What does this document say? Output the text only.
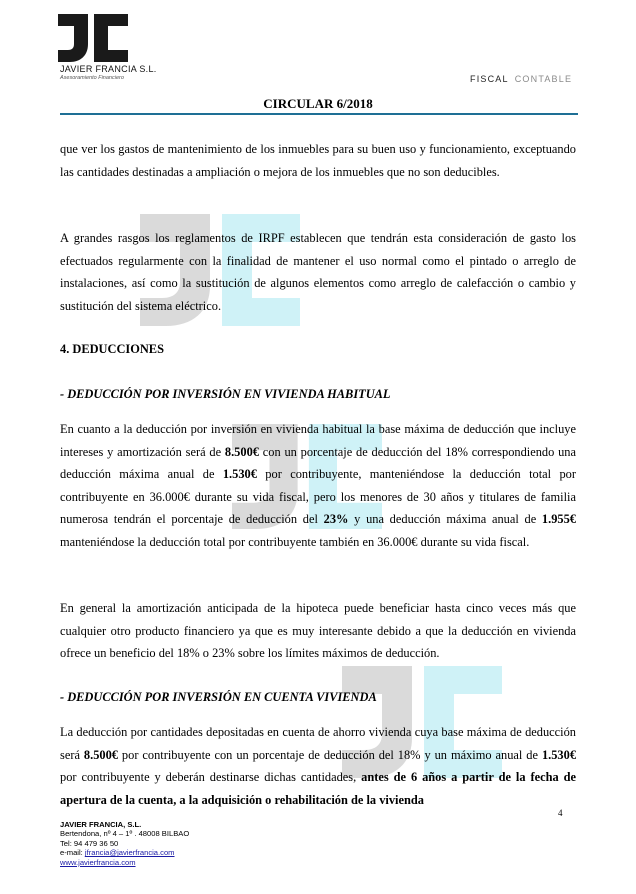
JAVIER FRANCIA S.L.
Asesoramiento Financiero	FISCAL CONTABLE
CIRCULAR 6/2018
que ver los gastos de mantenimiento de los inmuebles para su buen uso y funcionamiento, exceptuando las cantidades destinadas a ampliación o mejora de los inmuebles que no son deducibles.
A grandes rasgos los reglamentos de IRPF establecen que tendrán esta consideración de gasto los efectuados regularmente con la finalidad de mantener el uso normal como el pintado o arreglo de instalaciones, así como la sustitución de algunos elementos como arreglo de calefacción o cambio y sustitución del sistema eléctrico.
4. DEDUCCIONES
- DEDUCCIÓN POR INVERSIÓN EN VIVIENDA HABITUAL
En cuanto a la deducción por inversión en vivienda habitual la base máxima de deducción que incluye intereses y amortización será de 8.500€ con un porcentaje de deducción del 18% correspondiendo una deducción máxima anual de 1.530€ por contribuyente, manteniéndose la deducción total por contribuyente en 36.000€ durante su vida fiscal, pero los menores de 30 años y titulares de familia numerosa tendrán el porcentaje de deducción del 23% y una deducción máxima anual de 1.955€ manteniéndose la deducción total por contribuyente también en 36.000€ durante su vida fiscal.
En general la amortización anticipada de la hipoteca puede beneficiar hasta cinco veces más que cualquier otro producto financiero ya que es muy interesante debido a que la deducción en vivienda ofrece un beneficio del 18% o 23% sobre los límites máximos de deducción.
- DEDUCCIÓN POR INVERSIÓN EN CUENTA VIVIENDA
La deducción por cantidades depositadas en cuenta de ahorro vivienda cuya base máxima de deducción será 8.500€ por contribuyente con un porcentaje de deducción del 18% y un máximo anual de 1.530€ por contribuyente y deberán destinarse dichas cantidades, antes de 6 años a partir de la fecha de apertura de la cuenta, a la adquisición o rehabilitación de la vivienda
4
JAVIER FRANCIA, S.L.
Bertendona, nº 4 – 1º . 48008 BILBAO
Tel: 94 479 36 50
e-mail: jfrancia@javierfrancia.com
www.javierfrancia.com
